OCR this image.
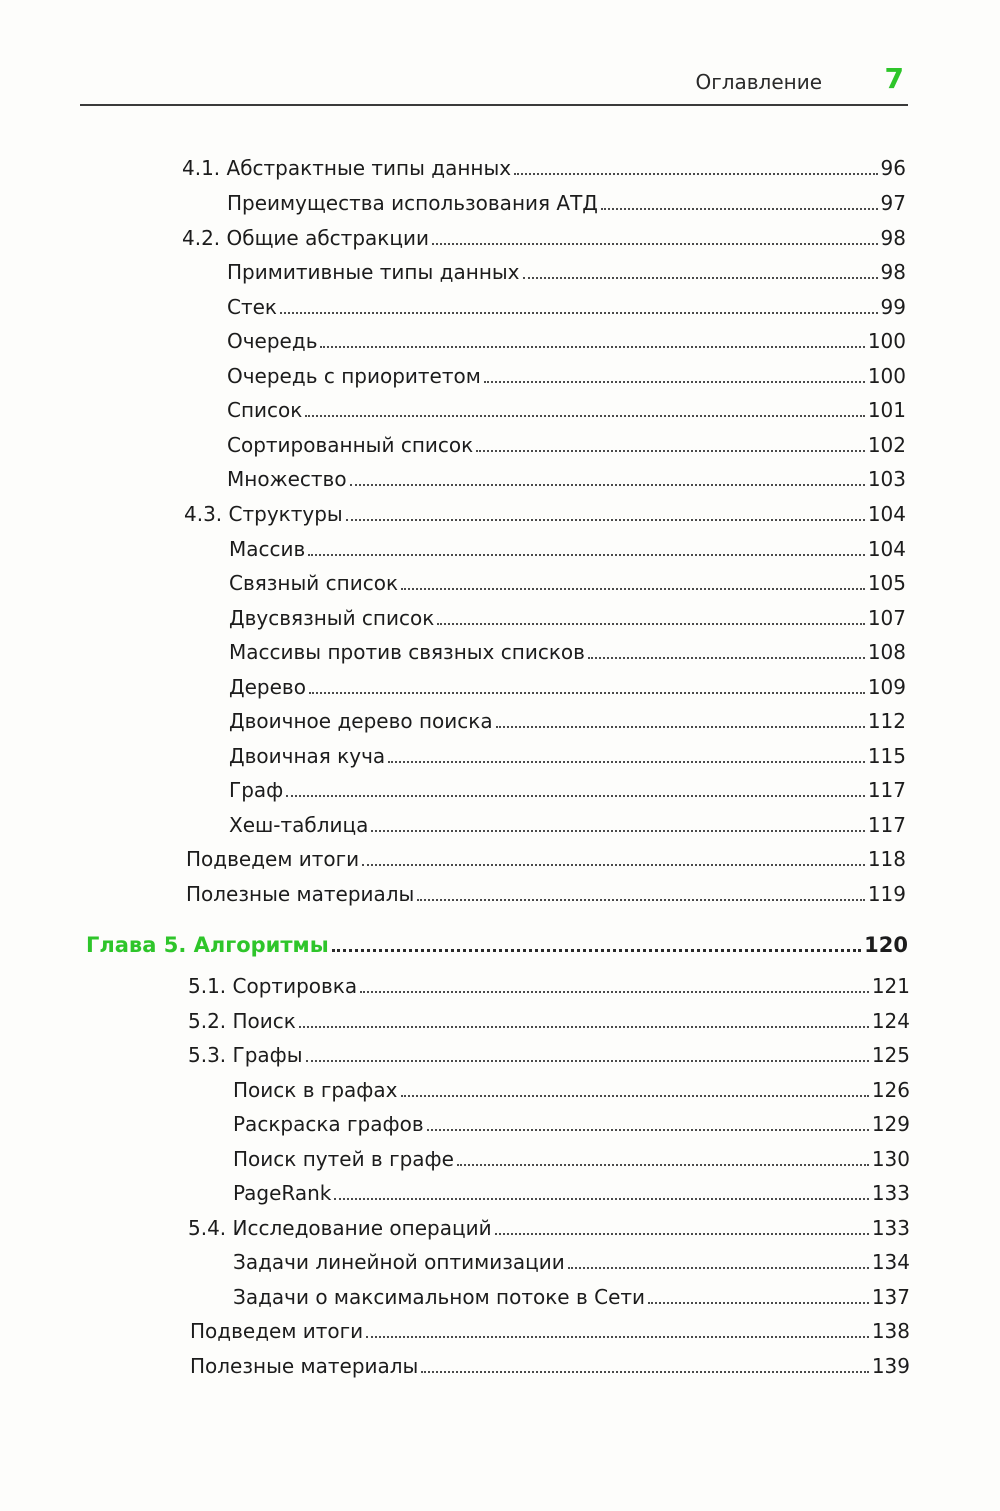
Оглавление 7
4.1. Абстрактные типы данных	96
Преимущества использования АТД	97
4.2. Общие абстракции	98
Примитивные типы данных	98
Стек	99
Очередь	100
Очередь с приоритетом	100
Список	101
Сортированный список	102
Множество	103
4.3. Структуры	104
Массив	104
Связный список	105
Двусвязный список	107
Массивы против связных списков	108
Дерево	109
Двоичное дерево поиска	112
Двоичная куча	115
Граф	117
Хеш-таблица	117
Подведем итоги	118
Полезные материалы	119
Глава 5. Алгоритмы	120
5.1. Сортировка	121
5.2. Поиск	124
5.3. Графы	125
Поиск в графах	126
Раскраска графов	129
Поиск путей в графе	130
PageRank	133
5.4. Исследование операций	133
Задачи линейной оптимизации	134
Задачи о максимальном потоке в Сети	137
Подведем итоги	138
Полезные материалы	139
